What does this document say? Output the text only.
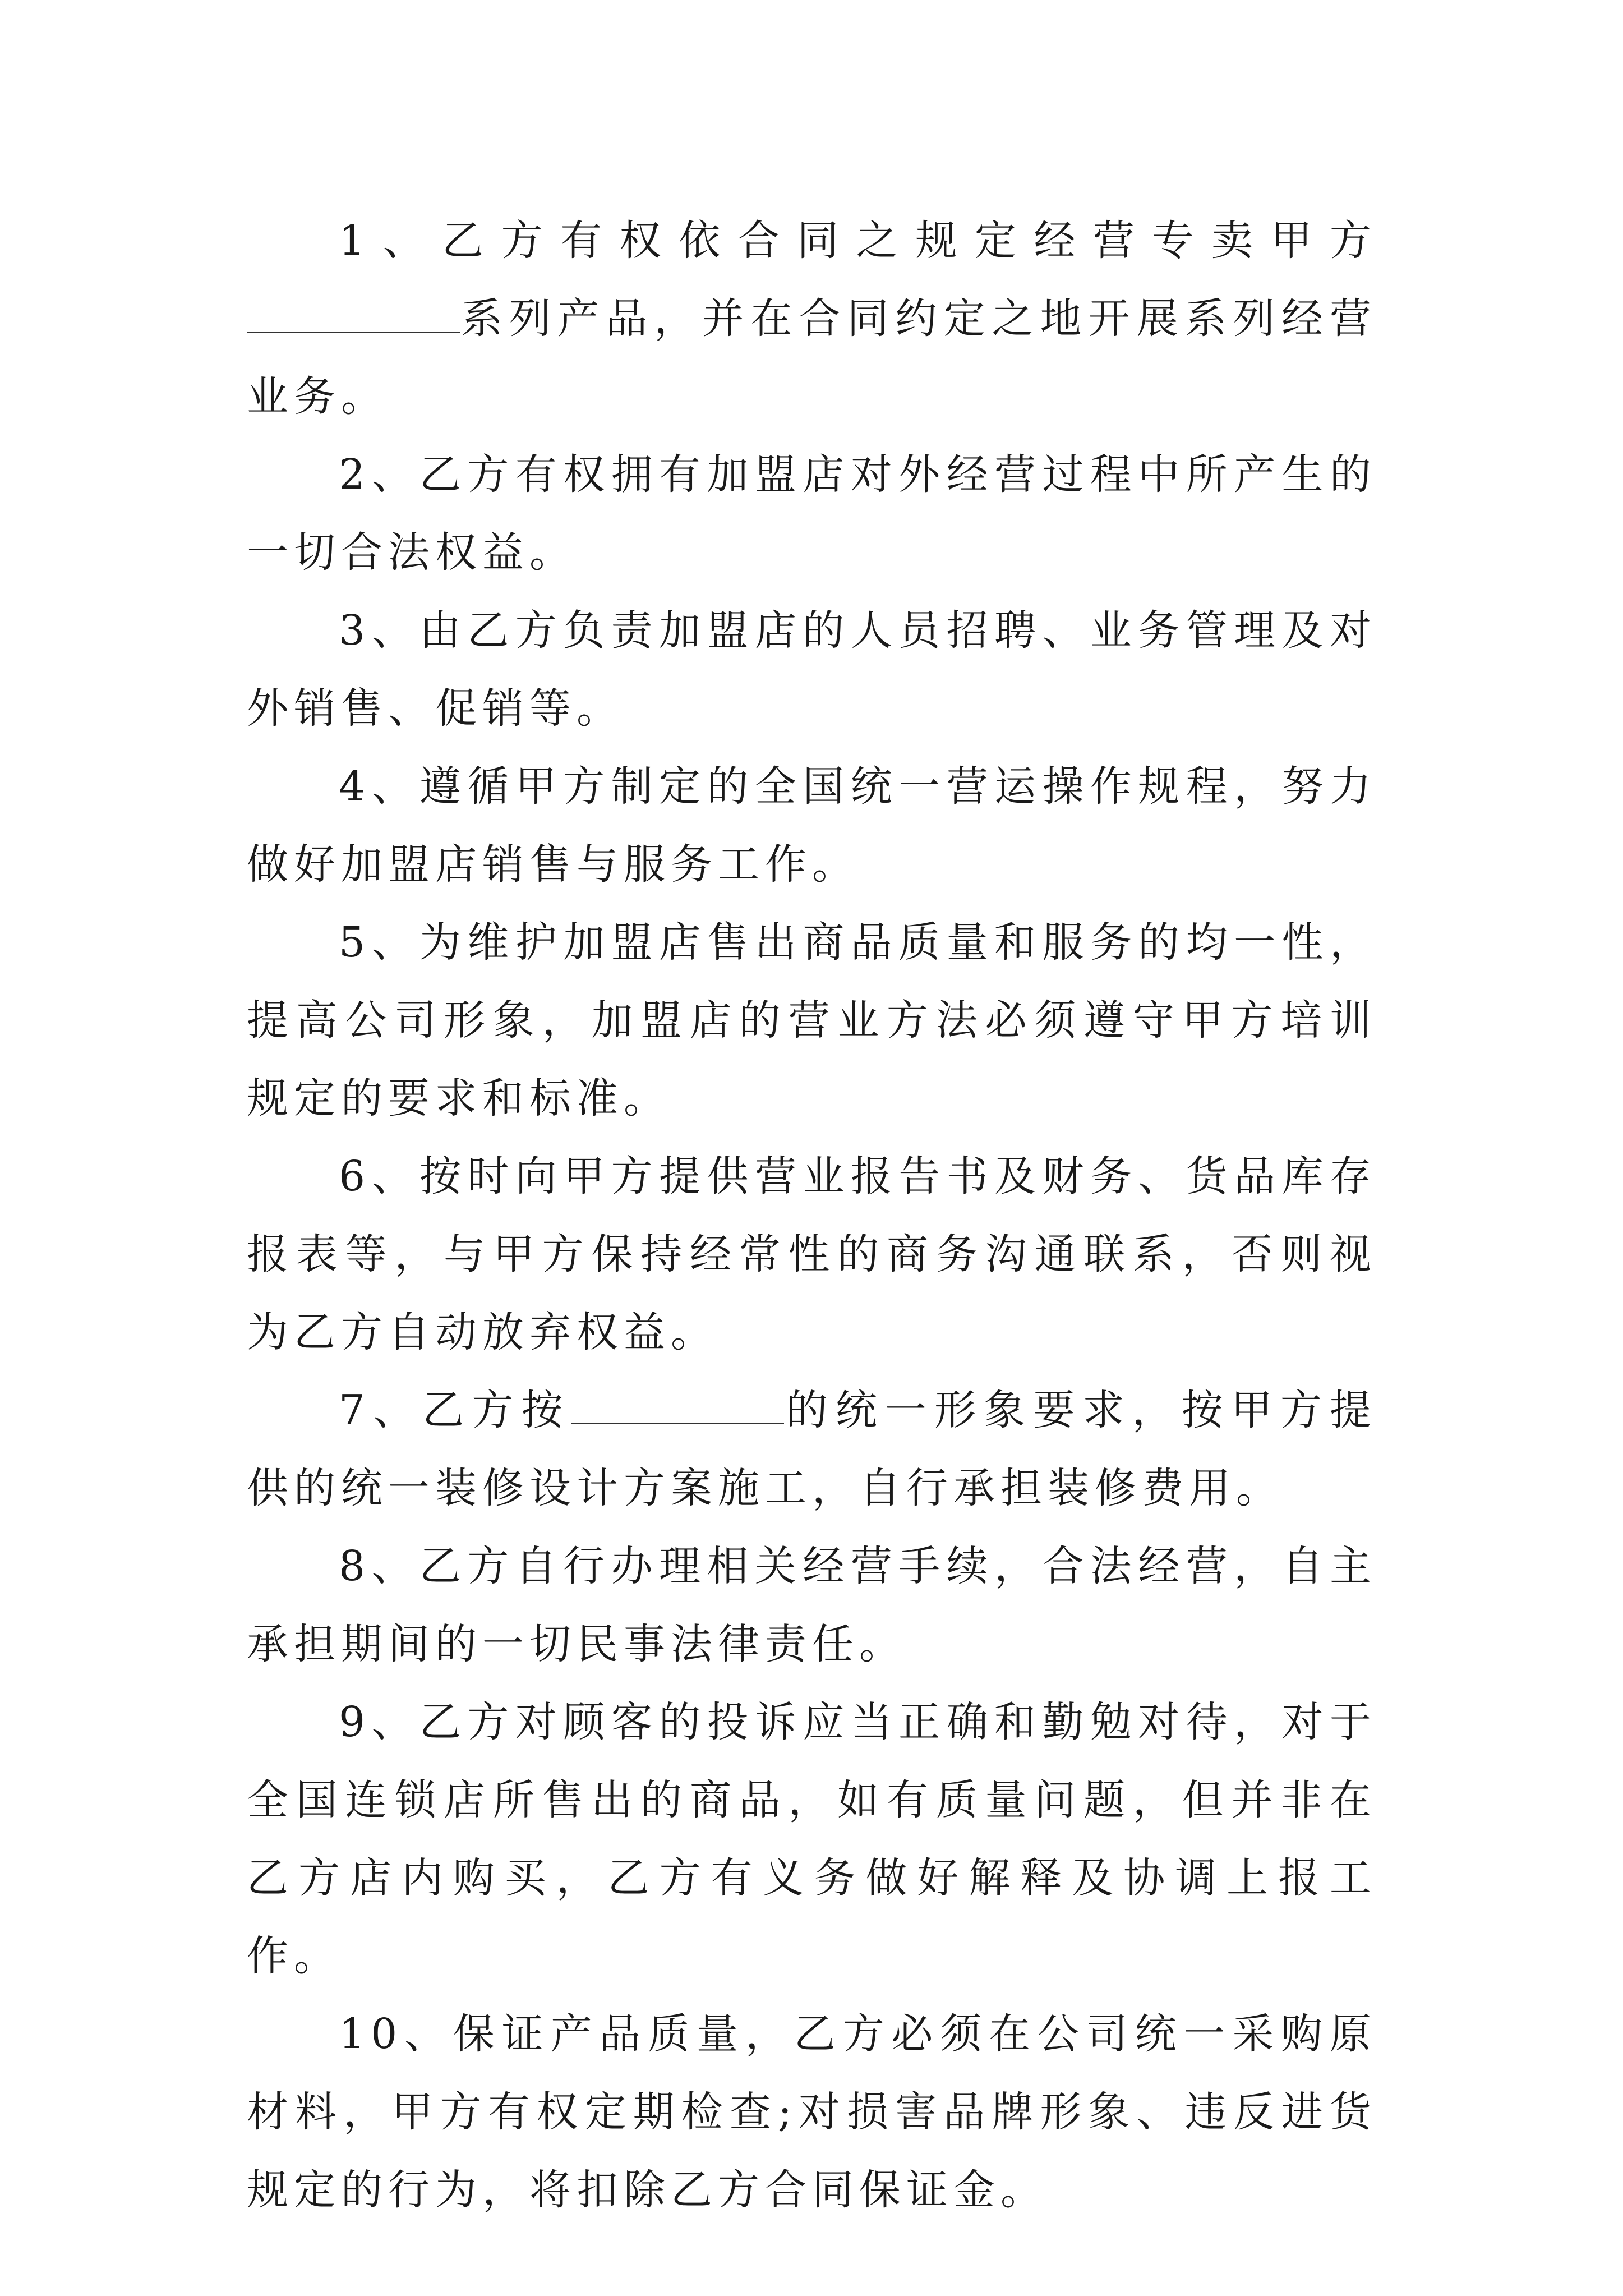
1、乙方有权依合同之规定经营专卖甲方系列产品，并在合同约定之地开展系列经营业务。

2、乙方有权拥有加盟店对外经营过程中所产生的一切合法权益。

3、由乙方负责加盟店的人员招聘、业务管理及对外销售、促销等。

4、遵循甲方制定的全国统一营运操作规程，努力做好加盟店销售与服务工作。

5、为维护加盟店售出商品质量和服务的均一性，提高公司形象，加盟店的营业方法必须遵守甲方培训规定的要求和标准。

6、按时向甲方提供营业报告书及财务、货品库存报表等，与甲方保持经常性的商务沟通联系，否则视为乙方自动放弃权益。

7、乙方按	的统一形象要求，按甲方提供的统一装修设计方案施工，自行承担装修费用。

8、乙方自行办理相关经营手续，合法经营，自主承担期间的一切民事法律责任。

9、乙方对顾客的投诉应当正确和勤勉对待，对于全国连锁店所售出的商品，如有质量问题，但并非在乙方店内购买，乙方有义务做好解释及协调上报工作。

10、保证产品质量，乙方必须在公司统一采购原材料，甲方有权定期检查;对损害品牌形象、违反进货规定的行为，将扣除乙方合同保证金。
